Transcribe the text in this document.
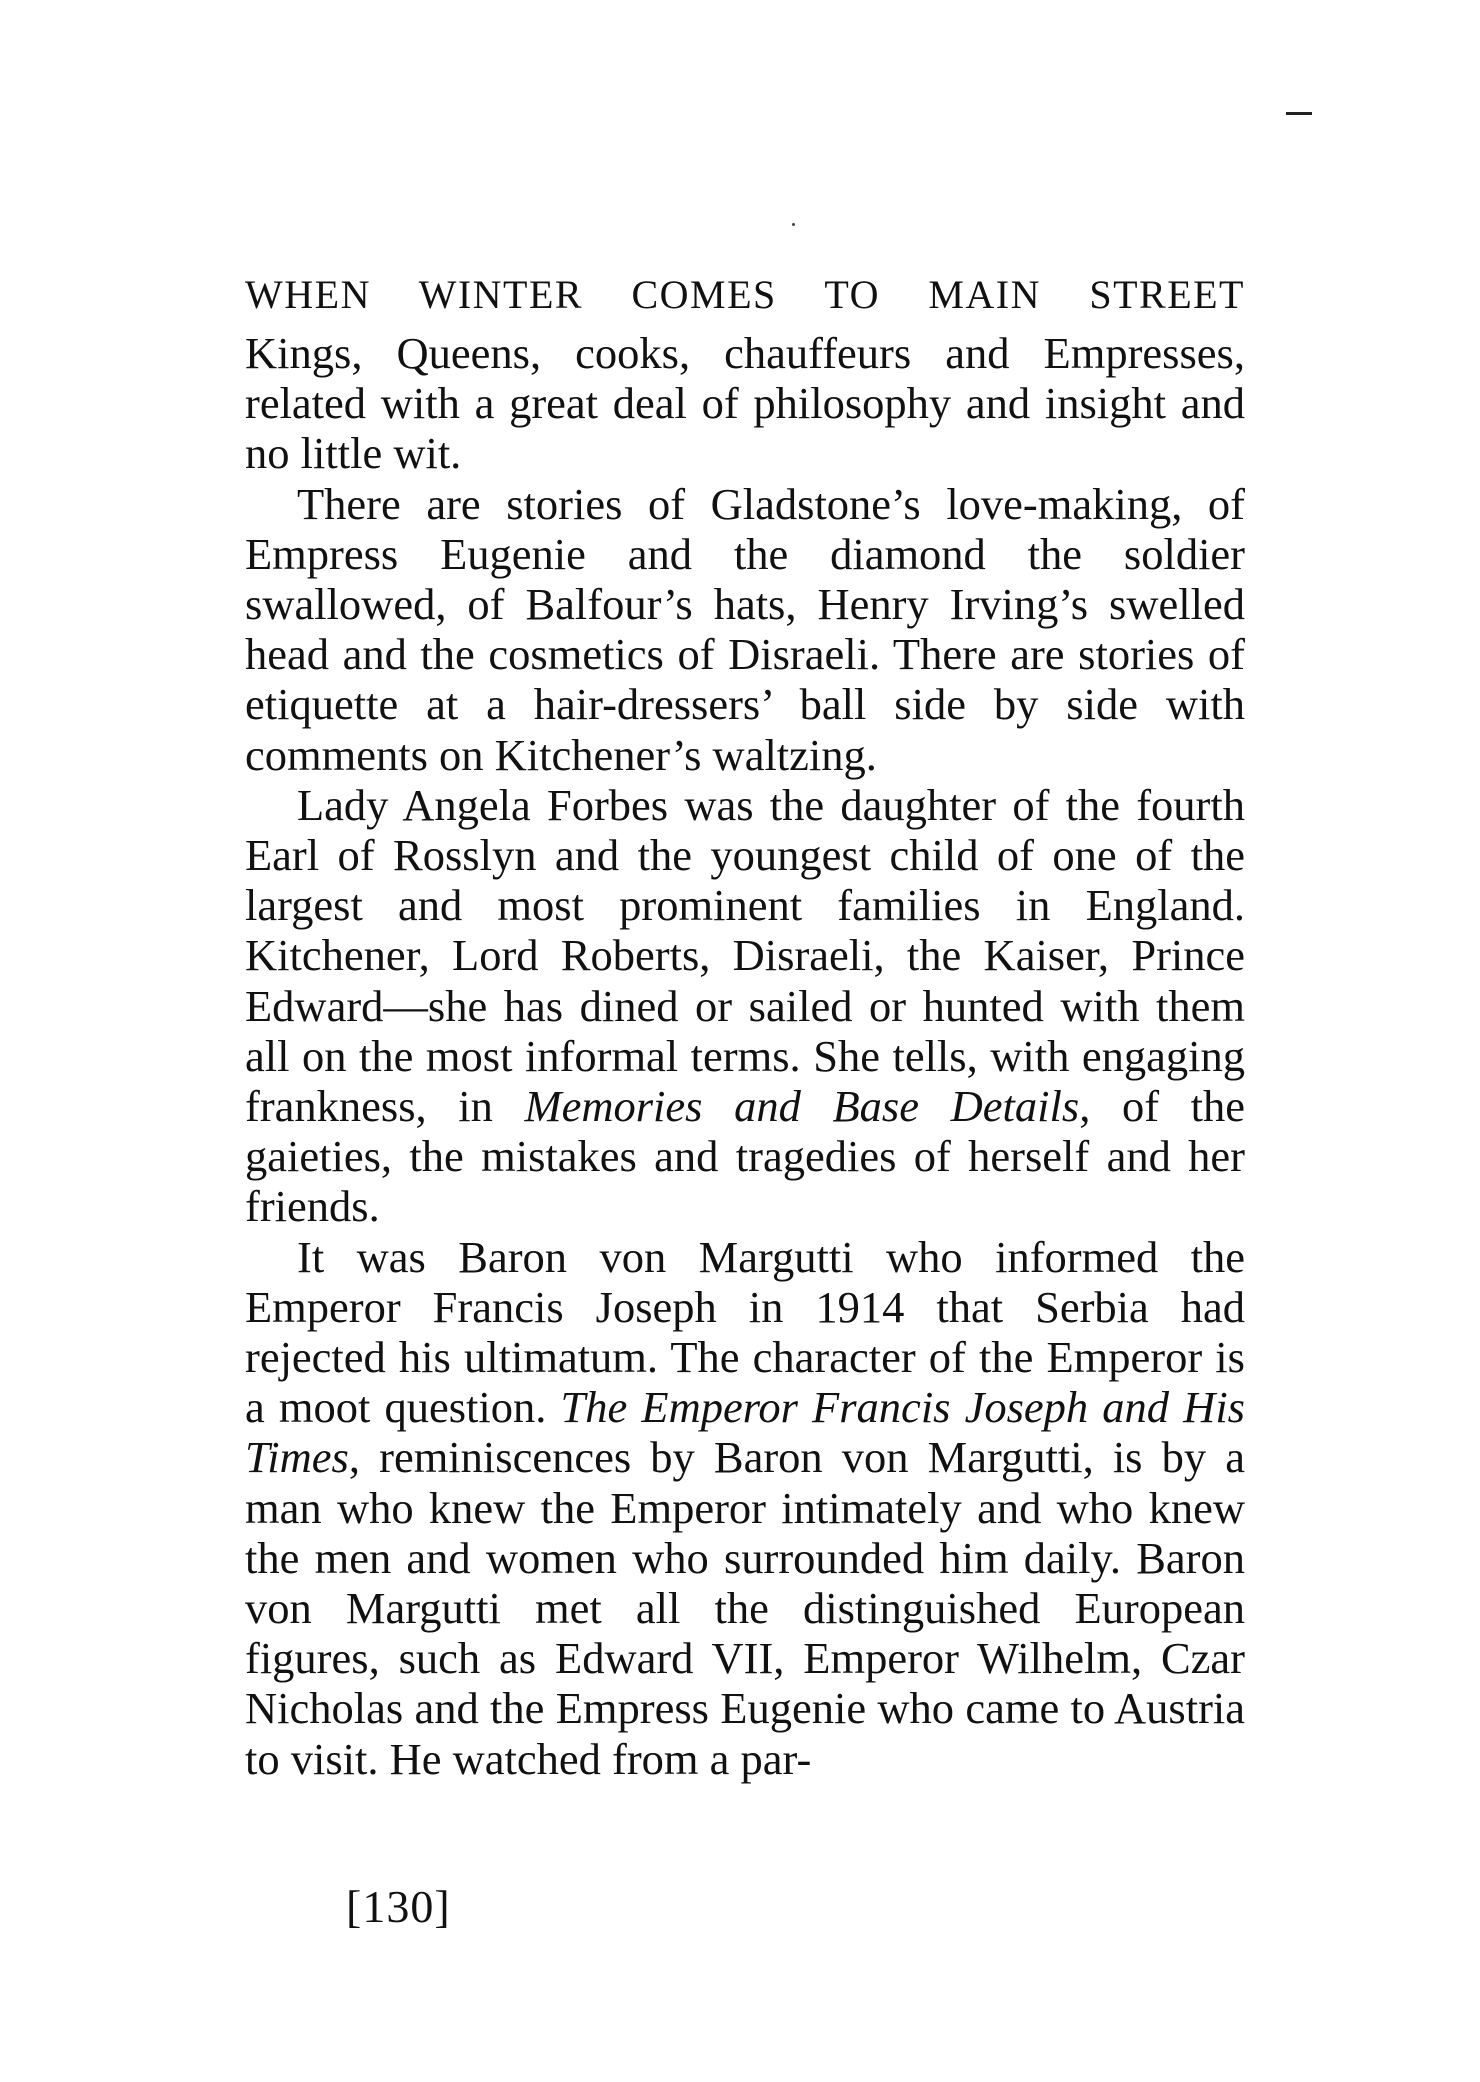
WHEN WINTER COMES TO MAIN STREET

Kings, Queens, cooks, chauffeurs and Empresses, related with a great deal of philosophy and insight and no little wit.

There are stories of Gladstone’s love-making, of Empress Eugenie and the diamond the soldier swallowed, of Balfour’s hats, Henry Irving’s swelled head and the cosmetics of Disraeli. There are stories of etiquette at a hair-dressers’ ball side by side with comments on Kitchener’s waltzing.

Lady Angela Forbes was the daughter of the fourth Earl of Rosslyn and the youngest child of one of the largest and most prominent families in England. Kitchener, Lord Roberts, Disraeli, the Kaiser, Prince Edward—she has dined or sailed or hunted with them all on the most informal terms. She tells, with engaging frankness, in Memories and Base Details, of the gaieties, the mistakes and tragedies of herself and her friends.

It was Baron von Margutti who informed the Emperor Francis Joseph in 1914 that Serbia had rejected his ultimatum. The character of the Emperor is a moot question. The Emperor Francis Joseph and His Times, reminiscences by Baron von Margutti, is by a man who knew the Emperor intimately and who knew the men and women who surrounded him daily. Baron von Margutti met all the distinguished European figures, such as Edward VII, Emperor Wilhelm, Czar Nicholas and the Empress Eugenie who came to Austria to visit. He watched from a par-

[130]
